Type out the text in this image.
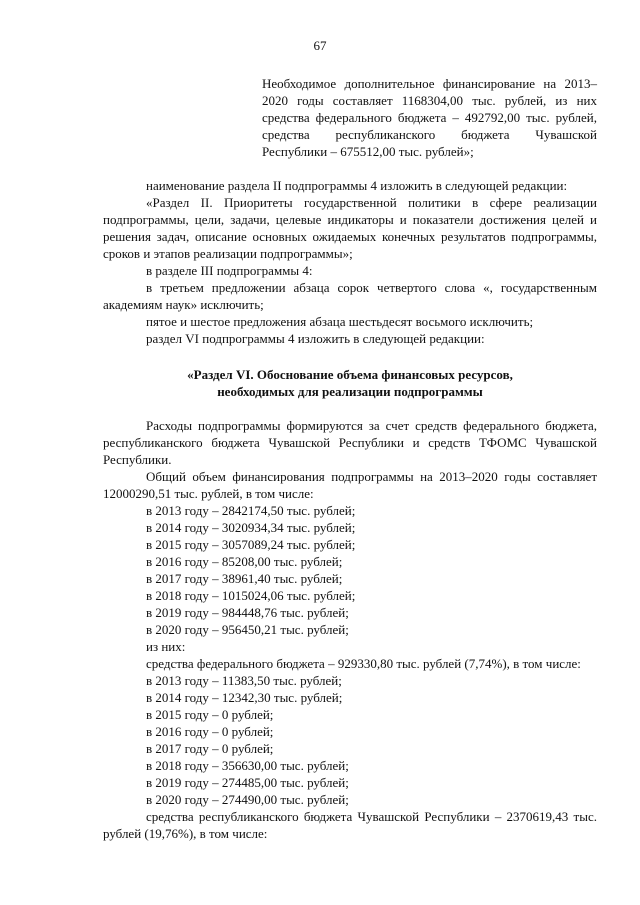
67
Необходимое дополнительное финансирование на 2013–2020 годы составляет 1168304,00 тыс. рублей, из них средства федерального бюджета – 492792,00 тыс. рублей, средства республиканского бюджета Чувашской Республики – 675512,00 тыс. рублей»;

наименование раздела II подпрограммы 4 изложить в следующей редакции:

«Раздел II. Приоритеты государственной политики в сфере реализации подпрограммы, цели, задачи, целевые индикаторы и показатели достижения целей и решения задач, описание основных ожидаемых конечных результатов подпрограммы, сроков и этапов реализации подпрограммы»;

в разделе III подпрограммы 4:

в третьем предложении абзаца сорок четвертого слова «, государственным академиям наук» исключить;

пятое и шестое предложения абзаца шестьдесят восьмого исключить;

раздел VI подпрограммы 4 изложить в следующей редакции:

«Раздел VI. Обоснование объема финансовых ресурсов,
необходимых для реализации подпрограммы

Расходы подпрограммы формируются за счет средств федерального бюджета, республиканского бюджета Чувашской Республики и средств ТФОМС Чувашской Республики.

Общий объем финансирования подпрограммы на 2013–2020 годы составляет 12000290,51 тыс. рублей, в том числе:

в 2013 году – 2842174,50 тыс. рублей;

в 2014 году – 3020934,34 тыс. рублей;

в 2015 году – 3057089,24 тыс. рублей;

в 2016 году – 85208,00 тыс. рублей;

в 2017 году – 38961,40 тыс. рублей;

в 2018 году – 1015024,06 тыс. рублей;

в 2019 году – 984448,76 тыс. рублей;

в 2020 году – 956450,21 тыс. рублей;

из них:

средства федерального бюджета – 929330,80 тыс. рублей (7,74%), в том числе:

в 2013 году – 11383,50 тыс. рублей;

в 2014 году – 12342,30 тыс. рублей;

в 2015 году – 0 рублей;

в 2016 году – 0 рублей;

в 2017 году – 0 рублей;

в 2018 году – 356630,00 тыс. рублей;

в 2019 году – 274485,00 тыс. рублей;

в 2020 году – 274490,00 тыс. рублей;

средства республиканского бюджета Чувашской Республики – 2370619,43 тыс. рублей (19,76%), в том числе:
